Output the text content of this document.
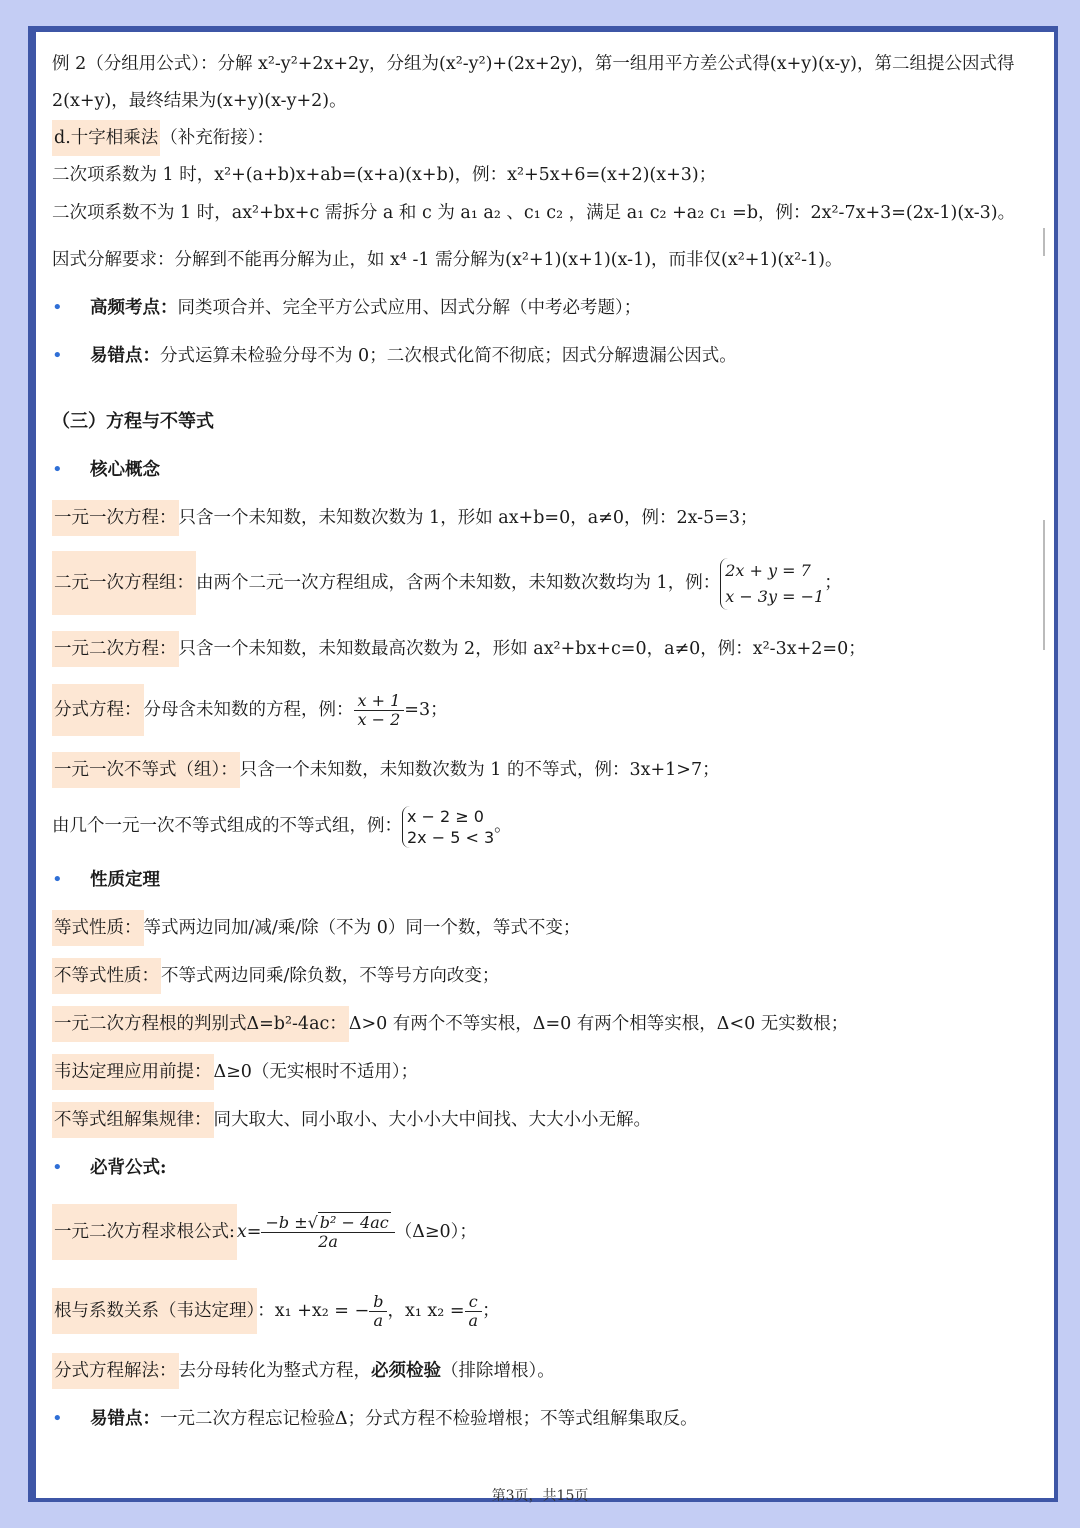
例 2（分组用公式）：分解 x²-y²+2x+2y，分组为(x²-y²)+(2x+2y)，第一组用平方差公式得(x+y)(x-y)，第二组提公因式得
2(x+y)，最终结果为(x+y)(x-y+2)。
d.十字相乘法 （补充衔接）：
二次项系数为 1 时，x²+(a+b)x+ab=(x+a)(x+b)，例：x²+5x+6=(x+2)(x+3)；
二次项系数不为 1 时，ax²+bx+c 需拆分 a 和 c 为 a₁ a₂ 、c₁ c₂ ，满足 a₁ c₂ +a₂ c₁ =b，例：2x²-7x+3=(2x-1)(x-3)。
因式分解要求：分解到不能再分解为止，如 x⁴ -1 需分解为(x²+1)(x+1)(x-1)，而非仅(x²+1)(x²-1)。
• 高频考点：同类项合并、完全平方公式应用、因式分解（中考必考题）；
• 易错点：分式运算未检验分母不为 0；二次根式化简不彻底；因式分解遗漏公因式。
（三）方程与不等式
• 核心概念
一元一次方程： 只含一个未知数，未知数次数为 1，形如 ax+b=0，a≠0，例：2x-5=3；
二元一次方程组： 由两个二元一次方程组成，含两个未知数，未知数次数均为 1，例：
2x + y = 7
x − 3y = −1
；
一元二次方程： 只含一个未知数，未知数最高次数为 2，形如 ax²+bx+c=0，a≠0，例：x²-3x+2=0；
分式方程： 分母含未知数的方程，例： $\frac{x + 1}{x - 2} =3$；
一元一次不等式（组）： 只含一个未知数，未知数次数为 1 的不等式，例：3x+1>7；
由几个一元一次不等式组成的不等式组，例： x − 2 ≥ 0
2x − 5 < 3
。
• 性质定理
等式性质： 等式两边同加/减/乘/除（不为 0）同一个数，等式不变；
不等式性质： 不等式两边同乘/除负数，不等号方向改变；
一元二次方程根的判别式Δ=b²-4ac： Δ>0 有两个不等实根，Δ=0 有两个相等实根，Δ<0 无实数根；
韦达定理应用前提： Δ≥0（无实根时不适用）；
不等式组解集规律： 同大取大、同小取小、大小小大中间找、大大小小无解。
• 必背公式:
一元二次方程求根公式: $x= \frac{\text{−b ±√ b² − 4ac}}{2a} (\Delta\ge 0)$；
根与系数关系（韦达定理） ：x₁ +x₂ = − $\frac{b}{a}$ ，x₁ $x_2 = \frac{c}{a}$ ；
分式方程解法： 去分母转化为整式方程，必须检验（排除增根）。
• 易错点：一元二次方程忘记检验Δ；分式方程不检验增根；不等式组解集取反。
第3页，共15页
